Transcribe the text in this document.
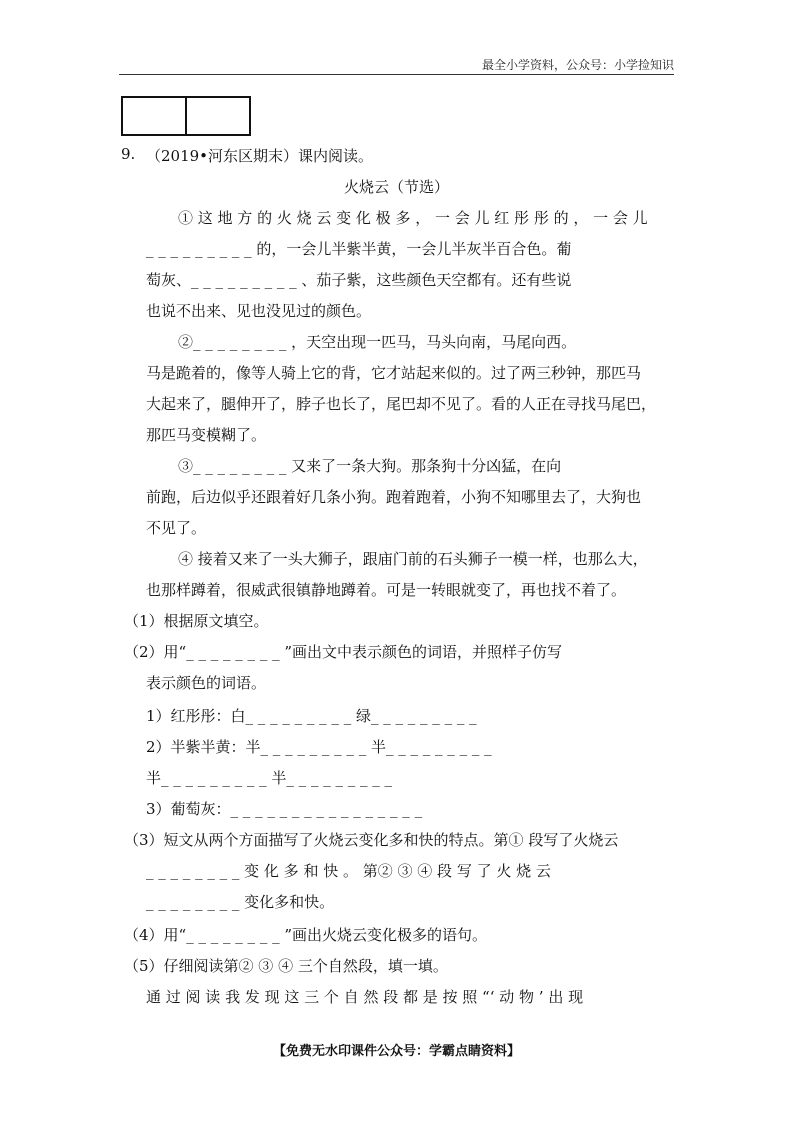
最全小学资料，公众号：小学捡知识

9. （2019•河东区期末）课内阅读。
火烧云（节选）
① 这 地 方 的 火 烧 云 变 化 极 多 ， 一 会 儿 红 彤 彤 的 ， 一 会 儿
_ _ _ _ _ _ _ _ _ 的，一会儿半紫半黄，一会儿半灰半百合色。葡
萄灰、_ _ _ _ _ _ _ _ _ 、茄子紫，这些颜色天空都有。还有些说
也说不出来、见也没见过的颜色。
②_ _ _ _ _ _ _ _ ，天空出现一匹马，马头向南，马尾向西。
马是跪着的，像等人骑上它的背，它才站起来似的。过了两三秒钟，那匹马
大起来了，腿伸开了，脖子也长了，尾巴却不见了。看的人正在寻找马尾巴，
那匹马变模糊了。
③_ _ _ _ _ _ _ _ 又来了一条大狗。那条狗十分凶猛，在向
前跑，后边似乎还跟着好几条小狗。跑着跑着，小狗不知哪里去了，大狗也
不见了。
④ 接着又来了一头大狮子，跟庙门前的石头狮子一模一样，也那么大，
也那样蹲着，很威武很镇静地蹲着。可是一转眼就变了，再也找不着了。
（1）根据原文填空。
（2）用“_ _ _ _ _ _ _ _ ”画出文中表示颜色的词语，并照样子仿写
表示颜色的词语。
1）红彤彤：白_ _ _ _ _ _ _ _ _ 绿_ _ _ _ _ _ _ _ _
2）半紫半黄：半_ _ _ _ _ _ _ _ _ 半_ _ _ _ _ _ _ _ _
半_ _ _ _ _ _ _ _ _ 半_ _ _ _ _ _ _ _ _
3）葡萄灰：_ _ _ _ _ _ _ _ _ _ _ _ _ _ _ _
（3）短文从两个方面描写了火烧云变化多和快的特点。第① 段写了火烧云
_ _ _ _ _ _ _ _ 变 化 多 和 快 。 第② ③ ④ 段 写 了 火 烧 云
_ _ _ _ _ _ _ _ 变化多和快。
（4）用“_ _ _ _ _ _ _ _ ”画出火烧云变化极多的语句。
（5）仔细阅读第② ③ ④ 三个自然段，填一填。
通 过 阅 读 我 发 现 这 三 个 自 然 段 都 是 按 照 “‘ 动 物 ’ 出 现
【免费无水印课件公众号：学霸点睛资料】
